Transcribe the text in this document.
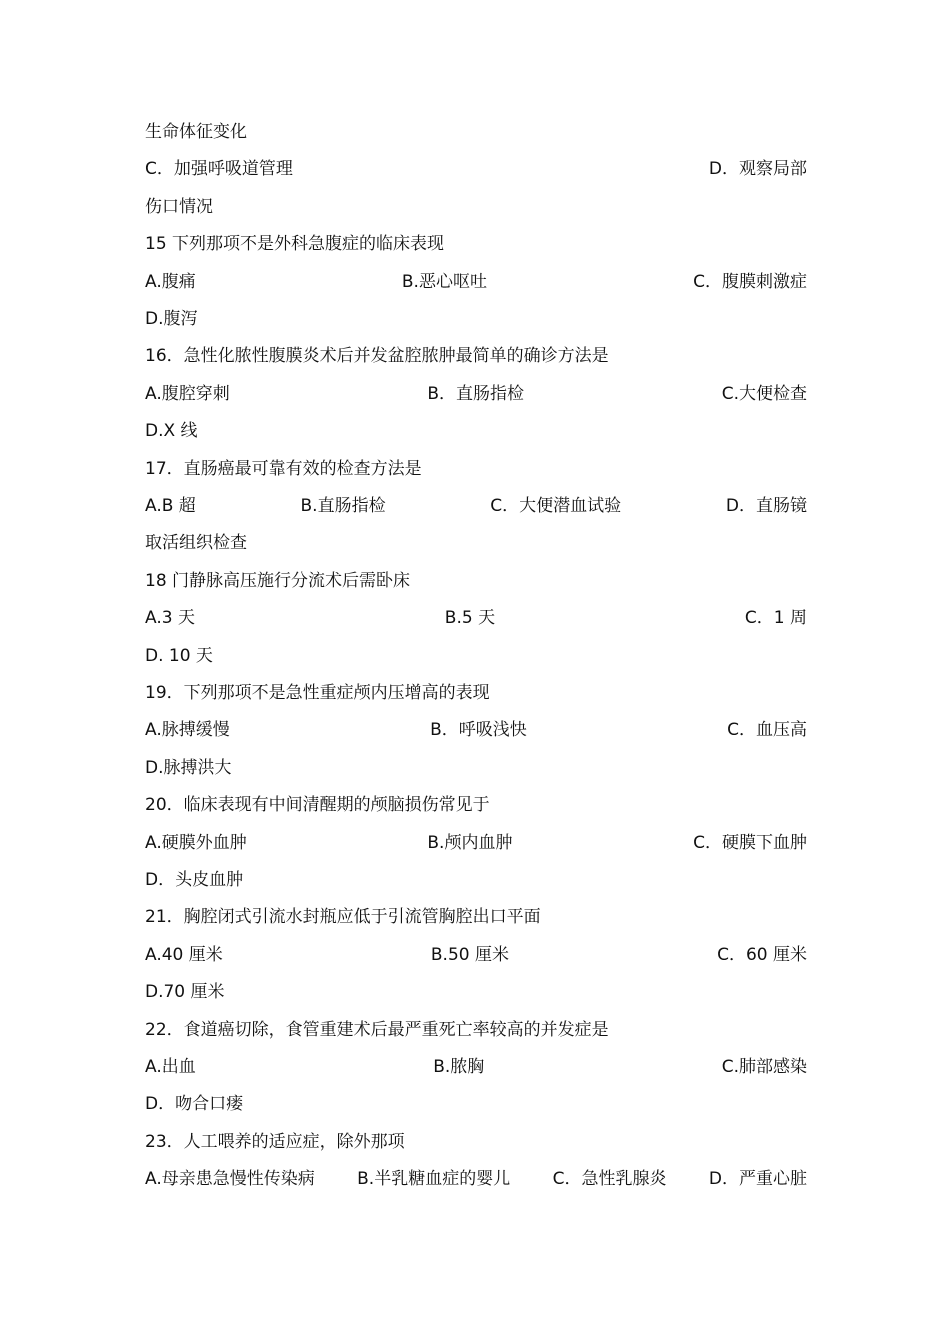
生命体征变化
C．加强呼吸道管理	D．观察局部
伤口情况
15 下列那项不是外科急腹症的临床表现
A.腹痛	B.恶心呕吐	C．腹膜刺激症
D.腹泻
16．急性化脓性腹膜炎术后并发盆腔脓肿最简单的确诊方法是
A.腹腔穿刺	B．直肠指检	C.大便检查
D.X 线
17．直肠癌最可靠有效的检查方法是
A.B 超	B.直肠指检	C．大便潜血试验	D．直肠镜
取活组织检查
18 门静脉高压施行分流术后需卧床
A.3 天	B.5 天	C．1 周
D. 10 天
19．下列那项不是急性重症颅内压增高的表现
A.脉搏缓慢	B．呼吸浅快	C．血压高
D.脉搏洪大
20．临床表现有中间清醒期的颅脑损伤常见于
A.硬膜外血肿	B.颅内血肿	C．硬膜下血肿
D．头皮血肿
21．胸腔闭式引流水封瓶应低于引流管胸腔出口平面
A.40 厘米	B.50 厘米	C．60 厘米
D.70 厘米
22．食道癌切除，食管重建术后最严重死亡率较高的并发症是
A.出血	B.脓胸	C.肺部感染
D．吻合口瘘
23．人工喂养的适应症，除外那项
A.母亲患急慢性传染病 B.半乳糖血症的婴儿 C．急性乳腺炎 D．严重心脏
